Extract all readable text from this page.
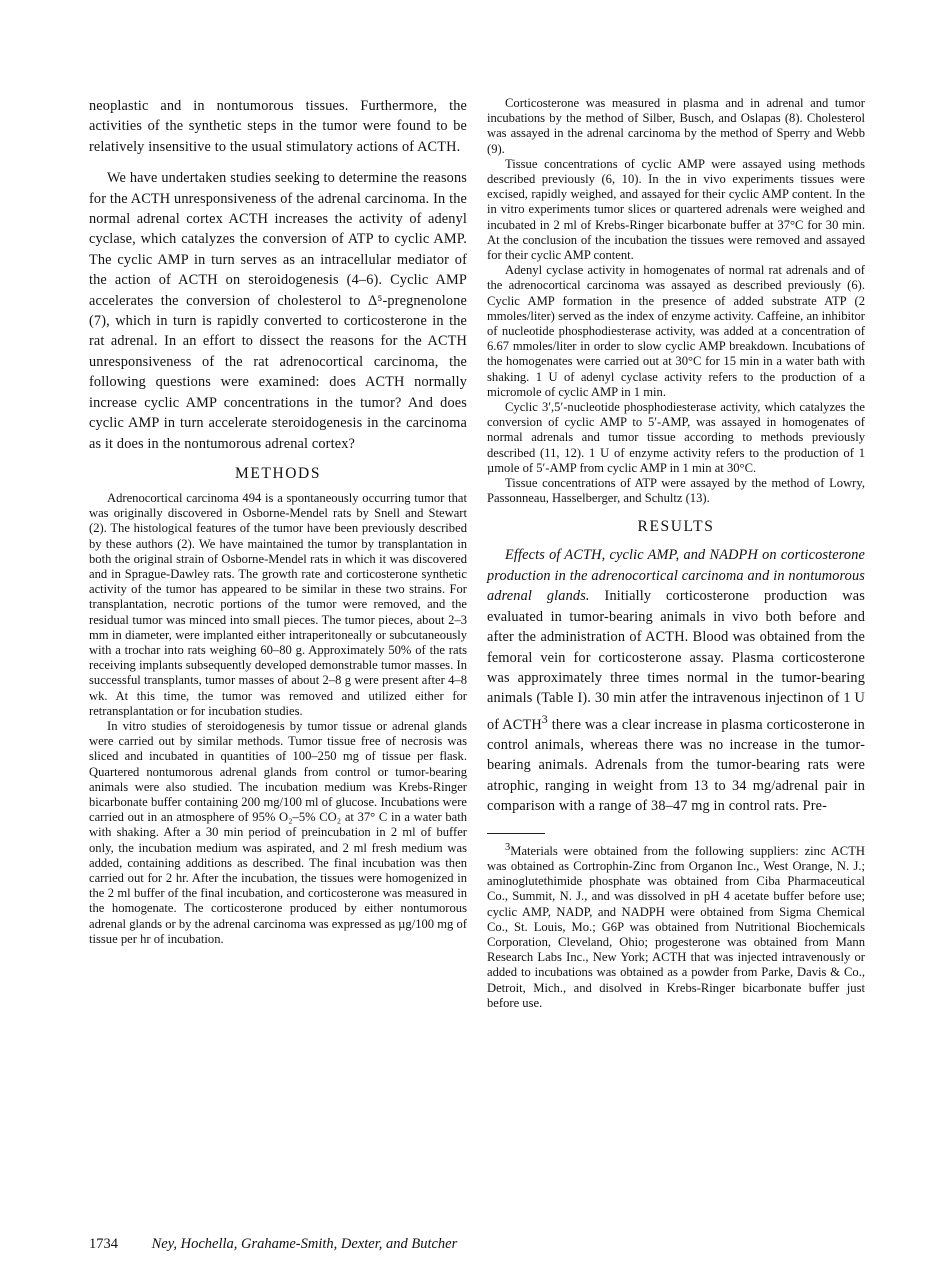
neoplastic and in nontumorous tissues. Furthermore, the activities of the synthetic steps in the tumor were found to be relatively insensitive to the usual stimulatory actions of ACTH.

We have undertaken studies seeking to determine the reasons for the ACTH unresponsiveness of the adrenal carcinoma. In the normal adrenal cortex ACTH increases the activity of adenyl cyclase, which catalyzes the conversion of ATP to cyclic AMP. The cyclic AMP in turn serves as an intracellular mediator of the action of ACTH on steroidogenesis (4–6). Cyclic AMP accelerates the conversion of cholesterol to Δ⁵-pregnenolone (7), which in turn is rapidly converted to corticosterone in the rat adrenal. In an effort to dissect the reasons for the ACTH unresponsiveness of the rat adrenocortical carcinoma, the following questions were examined: does ACTH normally increase cyclic AMP concentrations in the tumor? And does cyclic AMP in turn accelerate steroidogenesis in the carcinoma as it does in the nontumorous adrenal cortex?

METHODS

Adrenocortical carcinoma 494 is a spontaneously occurring tumor that was originally discovered in Osborne-Mendel rats by Snell and Stewart (2). The histological features of the tumor have been previously described by these authors (2). We have maintained the tumor by transplantation in both the original strain of Osborne-Mendel rats in which it was discovered and in Sprague-Dawley rats. The growth rate and corticosterone synthetic activity of the tumor has appeared to be similar in these two strains. For transplantation, necrotic portions of the tumor were removed, and the residual tumor was minced into small pieces. The tumor pieces, about 2–3 mm in diameter, were implanted either intraperitoneally or subcutaneously with a trochar into rats weighing 60–80 g. Approximately 50% of the rats receiving implants subsequently developed demonstrable tumor masses. In successful transplants, tumor masses of about 2–8 g were present after 4–8 wk. At this time, the tumor was removed and utilized either for retransplantation or for incubation studies.

In vitro studies of steroidogenesis by tumor tissue or adrenal glands were carried out by similar methods. Tumor tissue free of necrosis was sliced and incubated in quantities of 100–250 mg of tissue per flask. Quartered nontumorous adrenal glands from control or tumor-bearing animals were also studied. The incubation medium was Krebs-Ringer bicarbonate buffer containing 200 mg/100 ml of glucose. Incubations were carried out in an atmosphere of 95% O₂–5% CO₂ at 37° C in a water bath with shaking. After a 30 min period of preincubation in 2 ml of buffer only, the incubation medium was aspirated, and 2 ml fresh medium was added, containing additions as described. The final incubation was then carried out for 2 hr. After the incubation, the tissues were homogenized in the 2 ml buffer of the final incubation, and corticosterone was measured in the homogenate. The corticosterone produced by either nontumorous adrenal glands or by the adrenal carcinoma was expressed as µg/100 mg of tissue per hr of incubation.

Corticosterone was measured in plasma and in adrenal and tumor incubations by the method of Silber, Busch, and Oslapas (8). Cholesterol was assayed in the adrenal carcinoma by the method of Sperry and Webb (9).

Tissue concentrations of cyclic AMP were assayed using methods described previously (6, 10). In the in vivo experiments tissues were excised, rapidly weighed, and assayed for their cyclic AMP content. In the in vitro experiments tumor slices or quartered adrenals were weighed and incubated in 2 ml of Krebs-Ringer bicarbonate buffer at 37°C for 30 min. At the conclusion of the incubation the tissues were removed and assayed for their cyclic AMP content.

Adenyl cyclase activity in homogenates of normal rat adrenals and of the adrenocortical carcinoma was assayed as described previously (6). Cyclic AMP formation in the presence of added substrate ATP (2 mmoles/liter) served as the index of enzyme activity. Caffeine, an inhibitor of nucleotide phosphodiesterase activity, was added at a concentration of 6.67 mmoles/liter in order to slow cyclic AMP breakdown. Incubations of the homogenates were carried out at 30°C for 15 min in a water bath with shaking. 1 U of adenyl cyclase activity refers to the production of a micromole of cyclic AMP in 1 min.

Cyclic 3′,5′-nucleotide phosphodiesterase activity, which catalyzes the conversion of cyclic AMP to 5′-AMP, was assayed in homogenates of normal adrenals and tumor tissue according to methods previously described (11, 12). 1 U of enzyme activity refers to the production of 1 µmole of 5′-AMP from cyclic AMP in 1 min at 30°C.

Tissue concentrations of ATP were assayed by the method of Lowry, Passonneau, Hasselberger, and Schultz (13).

RESULTS

Effects of ACTH, cyclic AMP, and NADPH on corticosterone production in the adrenocortical carcinoma and in nontumorous adrenal glands. Initially corticosterone production was evaluated in tumor-bearing animals in vivo both before and after the administration of ACTH. Blood was obtained from the femoral vein for corticosterone assay. Plasma corticosterone was approximately three times normal in the tumor-bearing animals (Table I). 30 min atfer the intravenous injectinon of 1 U of ACTH$^3$ there was a clear increase in plasma corticosterone in control animals, whereas there was no increase in the tumor-bearing animals. Adrenals from the tumor-bearing rats were atrophic, ranging in weight from 13 to 34 mg/adrenal pair in comparison with a range of 38–47 mg in control rats. Pre-

$^3$Materials were obtained from the following suppliers: zinc ACTH was obtained as Cortrophin-Zinc from Organon Inc., West Orange, N. J.; aminoglutethimide phosphate was obtained from Ciba Pharmaceutical Co., Summit, N. J., and was dissolved in pH 4 acetate buffer before use; cyclic AMP, NADP, and NADPH were obtained from Sigma Chemical Co., St. Louis, Mo.; G6P was obtained from Nutritional Biochemicals Corporation, Cleveland, Ohio; progesterone was obtained from Mann Research Labs Inc., New York; ACTH that was injected intravenously or added to incubations was obtained as a powder from Parke, Davis & Co., Detroit, Mich., and disolved in Krebs-Ringer bicarbonate buffer just before use.

1734 Ney, Hochella, Grahame-Smith, Dexter, and Butcher
